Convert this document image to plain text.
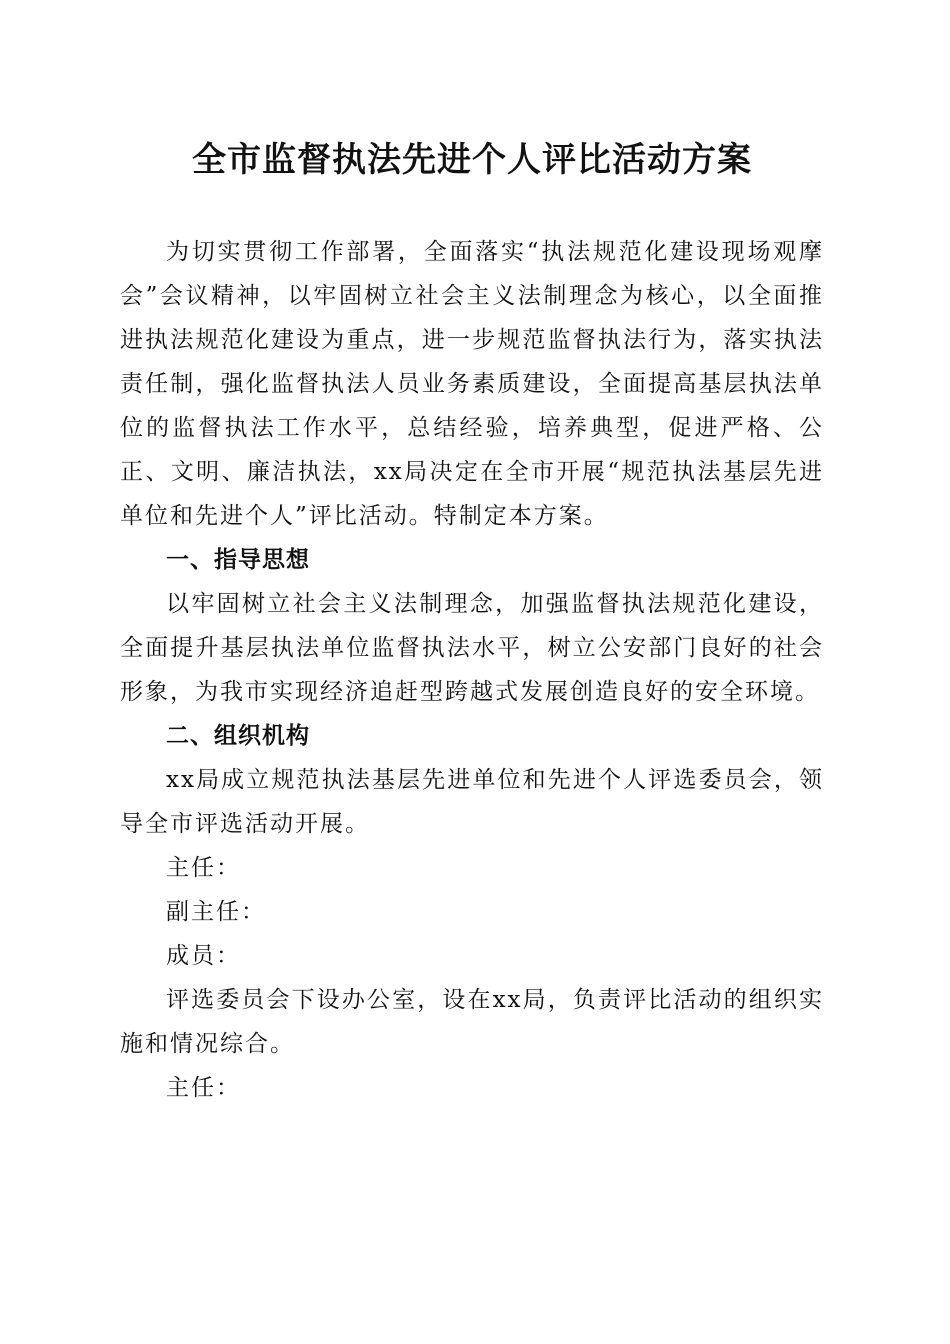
全市监督执法先进个人评比活动方案

为切实贯彻工作部署，全面落实“执法规范化建设现场观摩会”会议精神，以牢固树立社会主义法制理念为核心，以全面推进执法规范化建设为重点，进一步规范监督执法行为，落实执法责任制，强化监督执法人员业务素质建设，全面提高基层执法单位的监督执法工作水平，总结经验，培养典型，促进严格、公正、文明、廉洁执法，xx局决定在全市开展“规范执法基层先进单位和先进个人”评比活动。特制定本方案。

一、指导思想

以牢固树立社会主义法制理念，加强监督执法规范化建设，全面提升基层执法单位监督执法水平，树立公安部门良好的社会形象，为我市实现经济追赶型跨越式发展创造良好的安全环境。

二、组织机构

xx局成立规范执法基层先进单位和先进个人评选委员会，领导全市评选活动开展。

主任：

副主任：

成员：

评选委员会下设办公室，设在xx局，负责评比活动的组织实施和情况综合。

主任：
